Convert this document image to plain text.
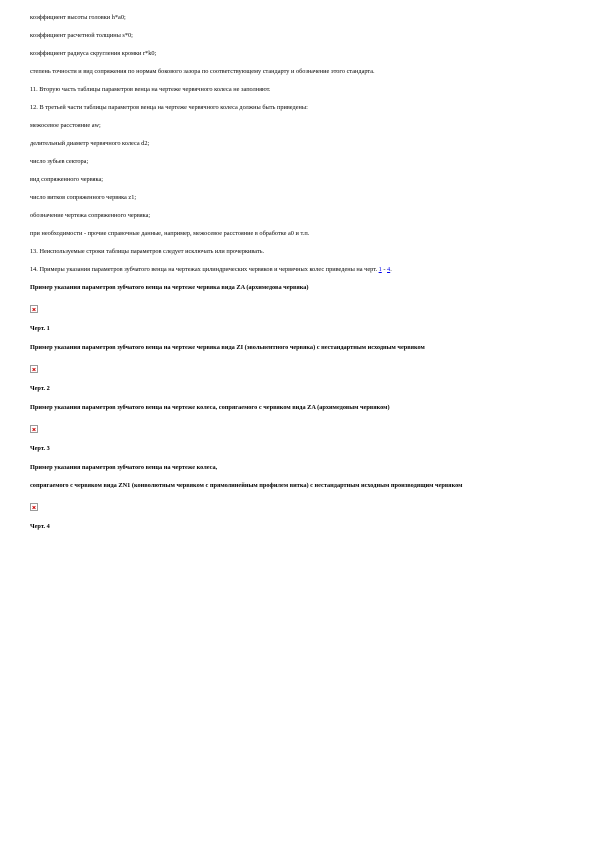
коэффициент высоты головки h*a0;

коэффициент расчетной толщины s*0;

коэффициент радиуса скругления кромки r*k0;

степень точности и вид сопряжения по нормам бокового зазора по соответствующему стандарту и обозначение этого стандарта.

11. Вторую часть таблицы параметров венца на чертеже червячного колеса не заполняют.

12. В третьей части таблицы параметров венца на чертеже червячного колеса должны быть приведены:

межосевое расстояние aw;

делительный диаметр червячного колеса d2;

число зубьев сектора;

вид сопряженного червяка;

число витков сопряженного червяка z1;

обозначение чертежа сопряженного червяка;

при необходимости - прочие справочные данные, например, межосевое расстояние в обработке a0 и т.п.

13. Неиспользуемые строки таблицы параметров следует исключать или прочеркивать.

14. Примеры указания параметров зубчатого венца на чертежах цилиндрических червяков и червячных колес приведены на черт. 1 - 4.

Пример указания параметров зубчатого венца на чертеже червяка вида ZA (архимедова червяка)

Черт. 1

Пример указания параметров зубчатого венца на чертеже червяка вида ZI (эвольвентного червяка) с нестандартным исходным червяком

Черт. 2

Пример указания параметров зубчатого венца на чертеже колеса, сопрягаемого с червяком вида ZA (архимедовым червяком)

Черт. 3

Пример указания параметров зубчатого венца на чертеже колеса,

сопрягаемого с червяком вида ZN1 (конволютным червяком с прямолинейным профилем витка) с нестандартным исходным производящим червяком

Черт. 4
